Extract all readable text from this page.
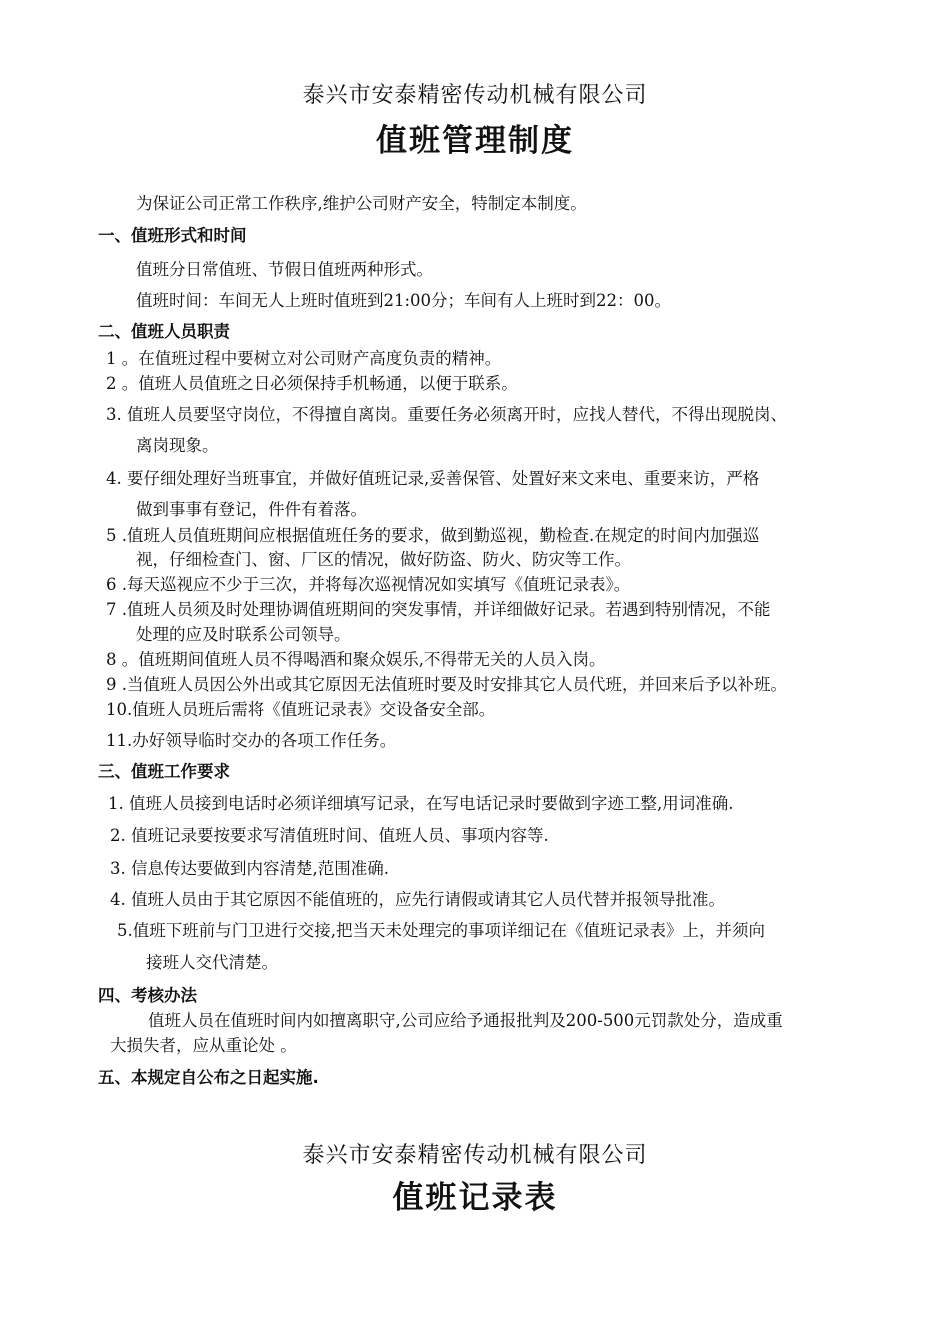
泰兴市安泰精密传动机械有限公司
值班管理制度
为保证公司正常工作秩序,维护公司财产安全，特制定本制度。
一、值班形式和时间
值班分日常值班、节假日值班两种形式。
值班时间：车间无人上班时值班到21:00分；车间有人上班时到22：00。
二、值班人员职责
1 。在值班过程中要树立对公司财产高度负责的精神。
2 。值班人员值班之日必须保持手机畅通，以便于联系。
3. 值班人员要坚守岗位，不得擅自离岗。重要任务必须离开时，应找人替代，不得出现脱岗、
离岗现象。
4. 要仔细处理好当班事宜，并做好值班记录,妥善保管、处置好来文来电、重要来访，严格
做到事事有登记，件件有着落。
5 .值班人员值班期间应根据值班任务的要求，做到勤巡视，勤检查.在规定的时间内加强巡
视，仔细检查门、窗、厂区的情况，做好防盗、防火、防灾等工作。
6 .每天巡视应不少于三次，并将每次巡视情况如实填写《值班记录表》。
7 .值班人员须及时处理协调值班期间的突发事情，并详细做好记录。若遇到特别情况，不能
处理的应及时联系公司领导。
8 。值班期间值班人员不得喝酒和聚众娱乐,不得带无关的人员入岗。
9 .当值班人员因公外出或其它原因无法值班时要及时安排其它人员代班，并回来后予以补班。
10.值班人员班后需将《值班记录表》交设备安全部。
11.办好领导临时交办的各项工作任务。
三、值班工作要求
1. 值班人员接到电话时必须详细填写记录，在写电话记录时要做到字迹工整,用词准确.
2. 值班记录要按要求写清值班时间、值班人员、事项内容等.
3. 信息传达要做到内容清楚,范围准确.
4. 值班人员由于其它原因不能值班的，应先行请假或请其它人员代替并报领导批准。
5.值班下班前与门卫进行交接,把当天未处理完的事项详细记在《值班记录表》上，并须向
接班人交代清楚。
四、考核办法
值班人员在值班时间内如擅离职守,公司应给予通报批判及200-500元罚款处分，造成重
大损失者，应从重论处 。
五、本规定自公布之日起实施.
泰兴市安泰精密传动机械有限公司
值班记录表
